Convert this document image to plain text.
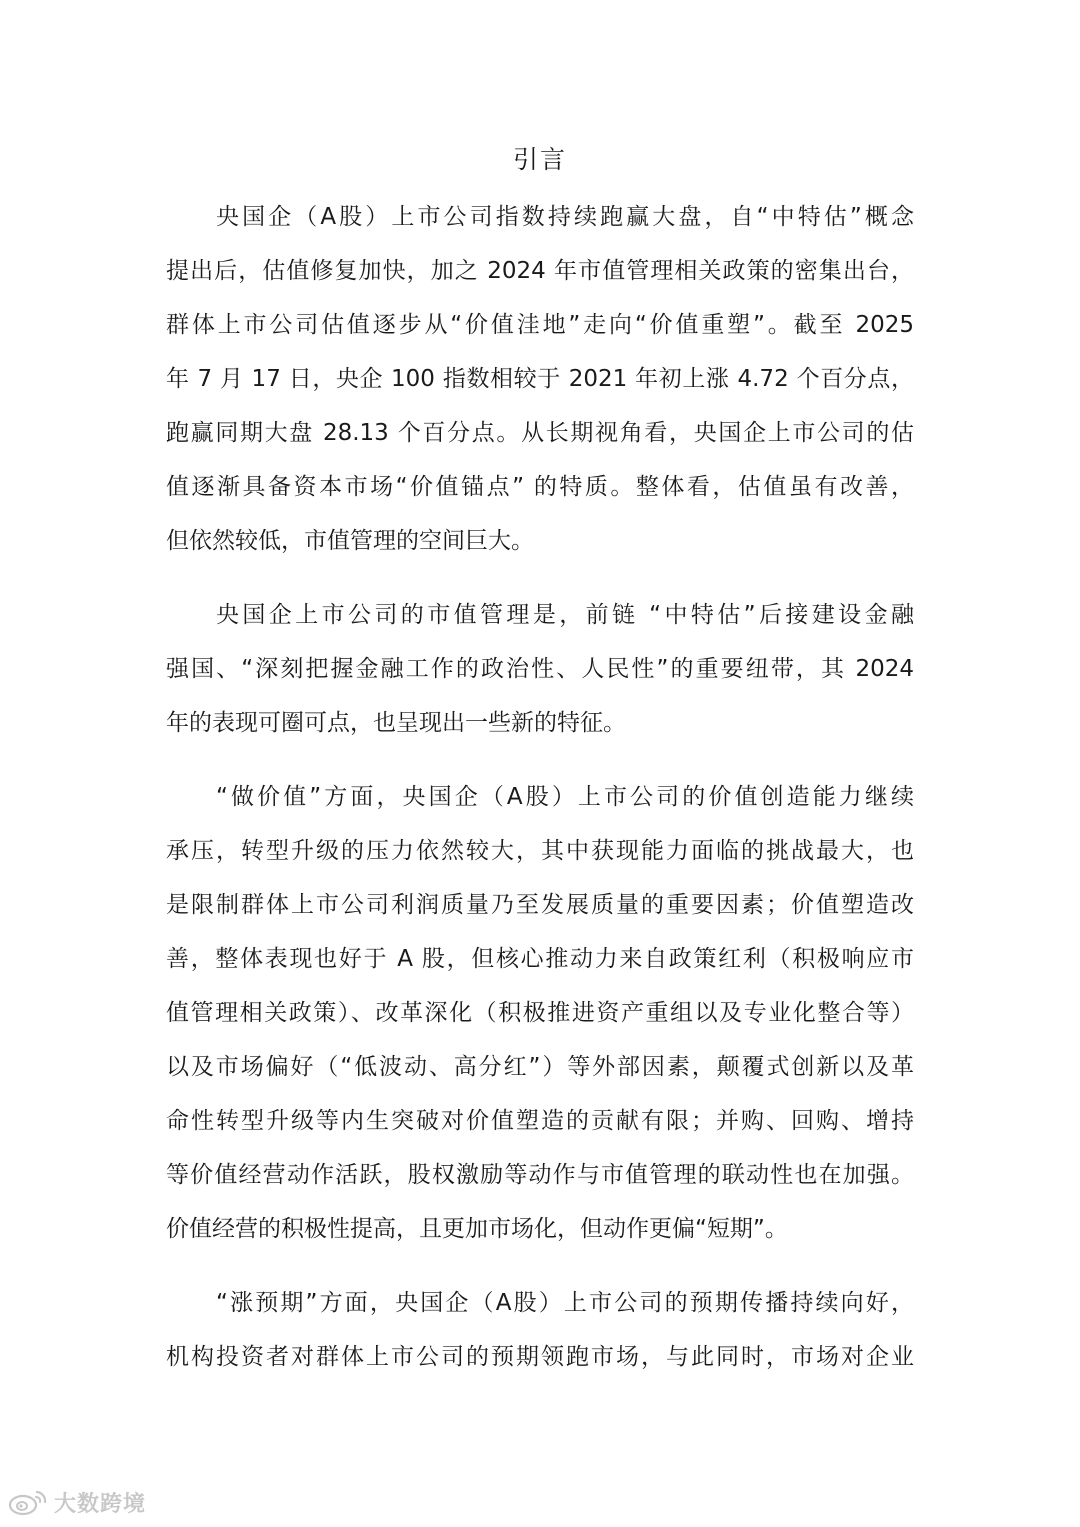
引言
央国企（A股）上市公司指数持续跑赢大盘，自“中特估”概念
提出后，估值修复加快，加之 2024 年市值管理相关政策的密集出台，
群体上市公司估值逐步从“价值洼地”走向“价值重塑”。截至 2025
年 7 月 17 日，央企 100 指数相较于 2021 年初上涨 4.72 个百分点，
跑赢同期大盘 28.13 个百分点。从长期视角看，央国企上市公司的估
值逐渐具备资本市场“价值锚点” 的特质。整体看，估值虽有改善，
但依然较低，市值管理的空间巨大。
央国企上市公司的市值管理是，前链 “中特估”后接建设金融
强国、“深刻把握金融工作的政治性、人民性”的重要纽带，其 2024
年的表现可圈可点，也呈现出一些新的特征。
“做价值”方面，央国企（A股）上市公司的价值创造能力继续
承压，转型升级的压力依然较大，其中获现能力面临的挑战最大，也
是限制群体上市公司利润质量乃至发展质量的重要因素；价值塑造改
善，整体表现也好于 A 股，但核心推动力来自政策红利（积极响应市
值管理相关政策）、改革深化（积极推进资产重组以及专业化整合等）
以及市场偏好（“低波动、高分红”）等外部因素，颠覆式创新以及革
命性转型升级等内生突破对价值塑造的贡献有限；并购、回购、增持
等价值经营动作活跃，股权激励等动作与市值管理的联动性也在加强。
价值经营的积极性提高，且更加市场化，但动作更偏“短期”。
“涨预期”方面，央国企（A股）上市公司的预期传播持续向好，
机构投资者对群体上市公司的预期领跑市场，与此同时，市场对企业
大数跨境
